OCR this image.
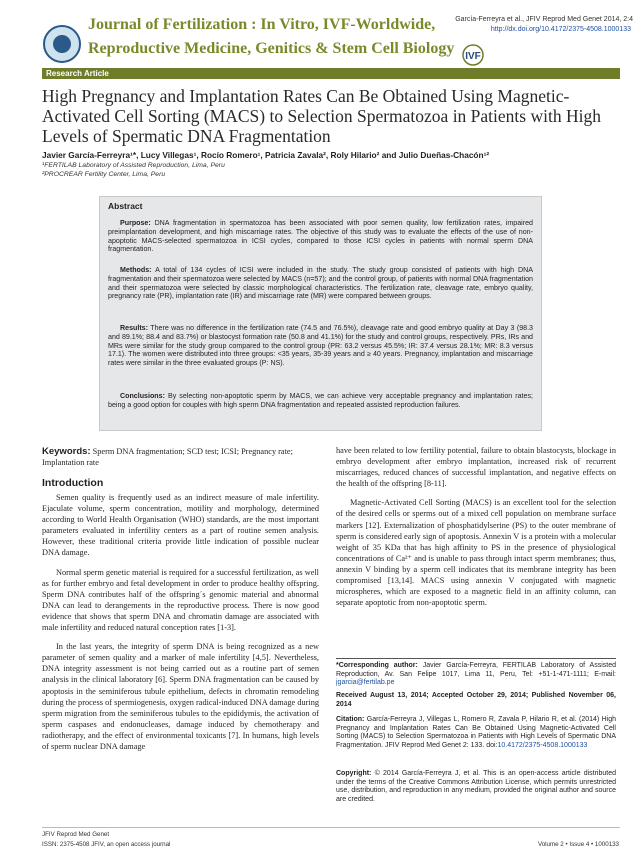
Journal of Fertilization : In Vitro, IVF-Worldwide,
Reproductive Medicine, Genitics & Stem Cell Biology
García-Ferreyra et al., JFIV Reprod Med Genet 2014, 2:4
http://dx.doi.org/10.4172/2375-4508.1000133
IVF
Research Article
High Pregnancy and Implantation Rates Can Be Obtained Using Magnetic-Activated Cell Sorting (MACS) to Selection Spermatozoa in Patients with High Levels of Spermatic DNA Fragmentation
Javier García-Ferreyra¹*, Lucy Villegas¹, Rocío Romero¹, Patricia Zavala², Roly Hilario² and Julio Dueñas-Chacón¹²
¹FERTILAB Laboratory of Assisted Reproduction, Lima, Peru
²PROCREAR Fertility Center, Lima, Peru
Abstract
Purpose: DNA fragmentation in spermatozoa has been associated with poor semen quality, low fertilization rates, impaired preimplantation development, and high miscarriage rates. The objective of this study was to evaluate the effects of the use of non-apoptotic MACS-selected spermatozoa in ICSI cycles, compared to those ICSI cycles in patients with normal sperm DNA fragmentation.
Methods: A total of 134 cycles of ICSI were included in the study. The study group consisted of patients with high DNA fragmentation and their spermatozoa were selected by MACS (n=57); and the control group, of patients with normal DNA fragmentation and their spermatozoa were selected by classic morphological characteristics. The fertilization rate, cleavage rate, embryo quality, pregnancy rate (PR), implantation rate (IR) and miscarriage rate (MR) were compared between groups.
Results: There was no difference in the fertilization rate (74.5 and 76.5%), cleavage rate and good embryo quality at Day 3 (98.3 and 89.1%; 88.4 and 83.7%) or blastocyst formation rate (50.8 and 41.1%) for the study and control groups, respectively. PRs, IRs and MRs were similar for the study group compared to the control group (PR: 63.2 versus 45.5%; IR: 37.4 versus 28.1%; MR: 8.3 versus 17.1). The women were distributed into three groups: <35 years, 35-39 years and ≥ 40 years. Pregnancy, implantation and miscarriage rates were similar in the three evaluated groups (P: NS).
Conclusions: By selecting non-apoptotic sperm by MACS, we can achieve very acceptable pregnancy and implantation rates; being a good option for couples with high sperm DNA fragmentation and repeated assisted reproduction failures.
Keywords: Sperm DNA fragmentation; SCD test; ICSI; Pregnancy rate; Implantation rate
Introduction

Semen quality is frequently used as an indirect measure of male infertility. Ejaculate volume, sperm concentration, motility and morphology, determined according to World Health Organisation (WHO) standards, are the most important parameters evaluated in infertility centers as a part of routine semen analysis. However, these traditional criteria provide little indication of possible nuclear DNA damage.

Normal sperm genetic material is required for a successful fertilization, as well as for further embryo and fetal development in order to produce healthy offspring. Sperm DNA contributes half of the offspring´s genomic material and abnormal DNA can lead to derangements in the reproductive process. There is now good evidence that shows that sperm DNA and chromatin damage are associated with male infertility and reduced natural conception rates [1-3].

In the last years, the integrity of sperm DNA is being recognized as a new parameter of semen quality and a marker of male infertility [4,5]. Nevertheless, DNA integrity assessment is not being carried out as a routine part of semen analysis in the clinical laboratory [6]. Sperm DNA fragmentation can be caused by apoptosis in the seminiferous tubule epithelium, defects in chromatin remodeling during the process of spermiogenesis, oxygen radical-induced DNA damage during sperm migration from the seminiferous tubules to the epididymis, the activation of sperm caspases and endonucleases, damage induced by chemotherapy and radiotherapy, and the effect of environmental toxicants [7]. In humans, high levels of sperm nuclear DNA damage

have been related to low fertility potential, failure to obtain blastocysts, blockage in embryo development after embryo implantation, increased risk of recurrent miscarriages, reduced chances of successful implantation, and negative effects on the health of the offspring [8-11].

Magnetic-Activated Cell Sorting (MACS) is an excellent tool for the selection of the desired cells or sperms out of a mixed cell population on membrane surface markers [12]. Externalization of phosphatidylserine (PS) to the outer membrane of sperm is considered early sign of apoptosis. Annexin V is a protein with a molecular weight of 35 KDa that has high affinity to PS in the presence of physiological concentrations of Ca²⁺ and is unable to pass through intact sperm membranes; thus, annexin V binding by a sperm cell indicates that its membrane integrity has been compromised [13,14]. MACS using annexin V conjugated with magnetic microspheres, which are exposed to a magnetic field in an affinity column, can separate apoptotic from non-apoptotic sperm.

*Corresponding author: Javier García-Ferreyra, FERTILAB Laboratory of Assisted Reproduction, Av. San Felipe 1017, Lima 11, Peru, Tel: +51-1-471-1111; E-mail: jgarcia@fertilab.pe
Received August 13, 2014; Accepted October 29, 2014; Published November 06, 2014
Citation: García-Ferreyra J, Villegas L, Romero R, Zavala P, Hilario R, et al. (2014) High Pregnancy and Implantation Rates Can Be Obtained Using Magnetic-Activated Cell Sorting (MACS) to Selection Spermatozoa in Patients with High Levels of Spermatic DNA Fragmentation. JFIV Reprod Med Genet 2: 133. doi:10.4172/2375-4508.1000133
Copyright: © 2014 García-Ferreyra J, et al. This is an open-access article distributed under the terms of the Creative Commons Attribution License, which permits unrestricted use, distribution, and reproduction in any medium, provided the original author and source are credited.
JFIV Reprod Med Genet
ISSN: 2375-4508 JFIV, an open access journal	Volume 2 • Issue 4 • 1000133
